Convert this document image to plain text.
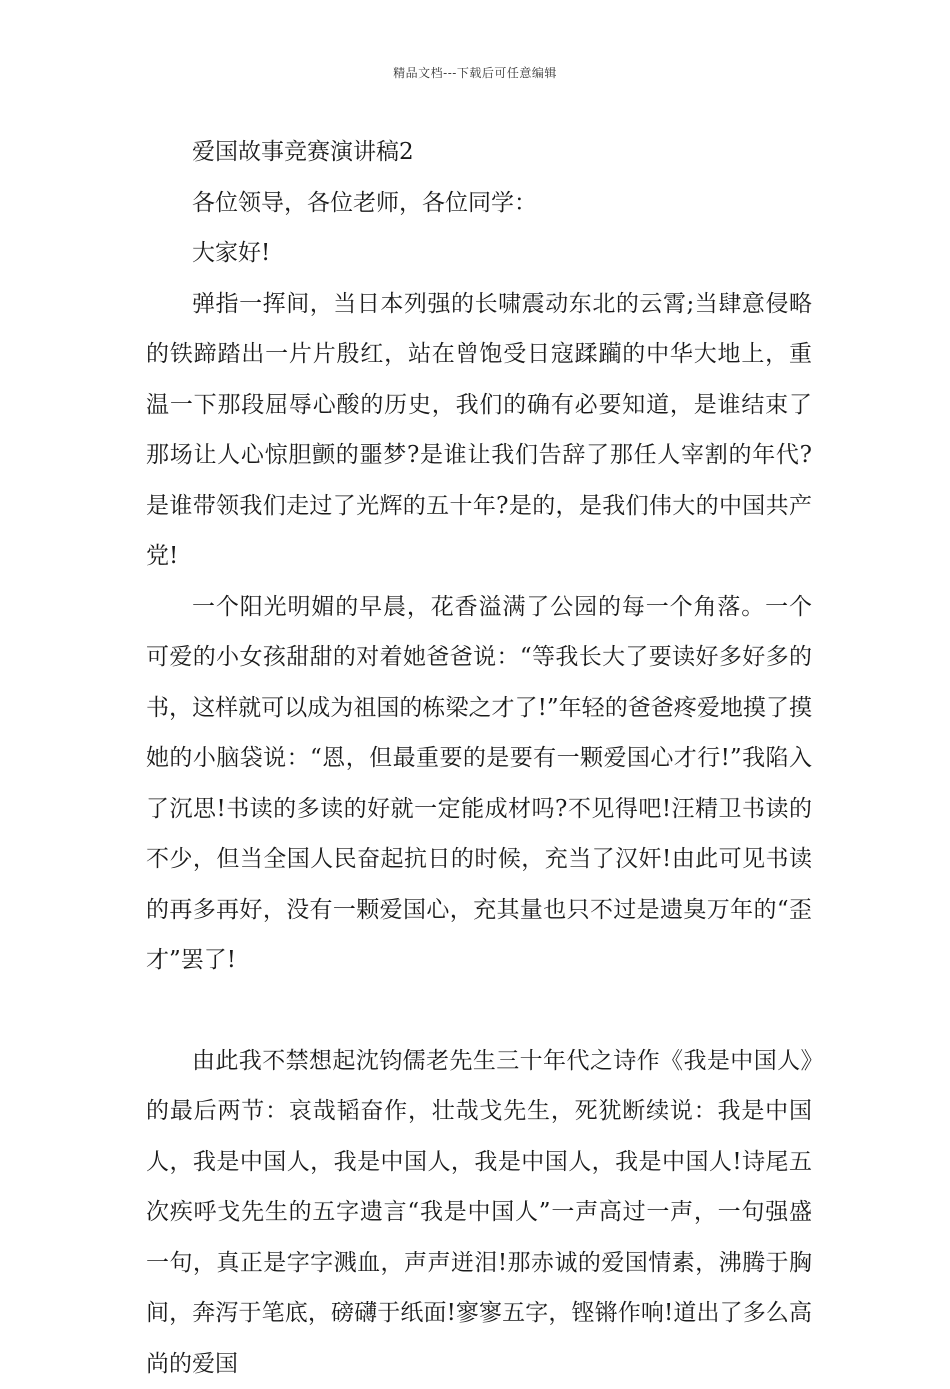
精品文档---下载后可任意编辑

爱国故事竞赛演讲稿2

各位领导，各位老师，各位同学：

大家好!

弹指一挥间，当日本列强的长啸震动东北的云霄;当肆意侵略的铁蹄踏出一片片殷红，站在曾饱受日寇蹂躏的中华大地上，重温一下那段屈辱心酸的历史，我们的确有必要知道，是谁结束了那场让人心惊胆颤的噩梦?是谁让我们告辞了那任人宰割的年代?是谁带领我们走过了光辉的五十年?是的，是我们伟大的中国共产党!

一个阳光明媚的早晨，花香溢满了公园的每一个角落。一个可爱的小女孩甜甜的对着她爸爸说：“等我长大了要读好多好多的书，这样就可以成为祖国的栋梁之才了!”年轻的爸爸疼爱地摸了摸她的小脑袋说：“恩，但最重要的是要有一颗爱国心才行!”我陷入了沉思!书读的多读的好就一定能成材吗?不见得吧!汪精卫书读的不少，但当全国人民奋起抗日的时候，充当了汉奸!由此可见书读的再多再好，没有一颗爱国心，充其量也只不过是遗臭万年的“歪才”罢了!

由此我不禁想起沈钧儒老先生三十年代之诗作《我是中国人》的最后两节：哀哉韬奋作，壮哉戈先生，死犹断续说：我是中国人，我是中国人，我是中国人，我是中国人，我是中国人!诗尾五次疾呼戈先生的五字遗言“我是中国人”一声高过一声，一句强盛一句，真正是字字溅血，声声迸泪!那赤诚的爱国情素，沸腾于胸间，奔泻于笔底，磅礴于纸面!寥寥五字，铿锵作响!道出了多么高尚的爱国
